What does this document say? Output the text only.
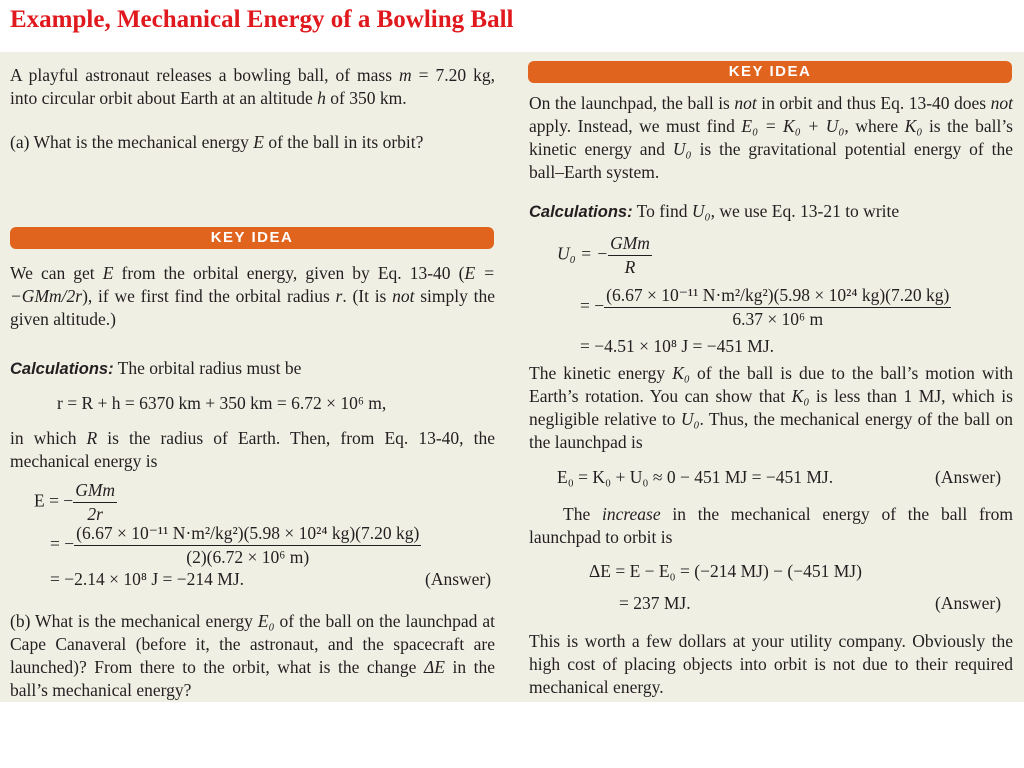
Example, Mechanical Energy of a Bowling Ball

A playful astronaut releases a bowling ball, of mass m = 7.20 kg, into circular orbit about Earth at an altitude h of 350 km.

(a) What is the mechanical energy E of the ball in its orbit?

KEY IDEA

We can get E from the orbital energy, given by Eq. 13-40 (E = −GMm/2r), if we first find the orbital radius r. (It is not simply the given altitude.)

Calculations: The orbital radius must be

r = R + h = 6370 km + 350 km = 6.72 × 10⁶ m,

in which R is the radius of Earth. Then, from Eq. 13-40, the mechanical energy is

E = − $\frac{\text{GMm}}{2r}$
= − $\frac{\text{(6.67 × 10⁻¹¹ N·m²/kg²)(5.98 × 10²⁴ kg)(7.20 kg)}}{\text{(2)(6.72 × 10⁶ m)}}$
= −2.14 × 10⁸ J = −214 MJ.	(Answer)

(b) What is the mechanical energy E₀ of the ball on the launchpad at Cape Canaveral (before it, the astronaut, and the spacecraft are launched)? From there to the orbit, what is the change ΔE in the ball’s mechanical energy?

KEY IDEA

On the launchpad, the ball is not in orbit and thus Eq. 13-40 does not apply. Instead, we must find E₀ = K₀ + U₀, where K₀ is the ball’s kinetic energy and U₀ is the gravitational potential energy of the ball–Earth system.

Calculations: To find U₀, we use Eq. 13-21 to write

U₀ = − $\frac{\text{GMm}}{R}$
= − $\frac{\text{(6.67 × 10⁻¹¹ N·m²/kg²)(5.98 × 10²⁴ kg)(7.20 kg)}}{\text{6.37 × 10⁶ m}}$
= −4.51 × 10⁸ J = −451 MJ.

The kinetic energy K₀ of the ball is due to the ball’s motion with Earth’s rotation. You can show that K₀ is less than 1 MJ, which is negligible relative to U₀. Thus, the mechanical energy of the ball on the launchpad is

E₀ = K₀ + U₀ ≈ 0 − 451 MJ = −451 MJ.	(Answer)

The increase in the mechanical energy of the ball from launchpad to orbit is

ΔE = E − E₀ = (−214 MJ) − (−451 MJ)
= 237 MJ.	(Answer)

This is worth a few dollars at your utility company. Obviously the high cost of placing objects into orbit is not due to their required mechanical energy.
